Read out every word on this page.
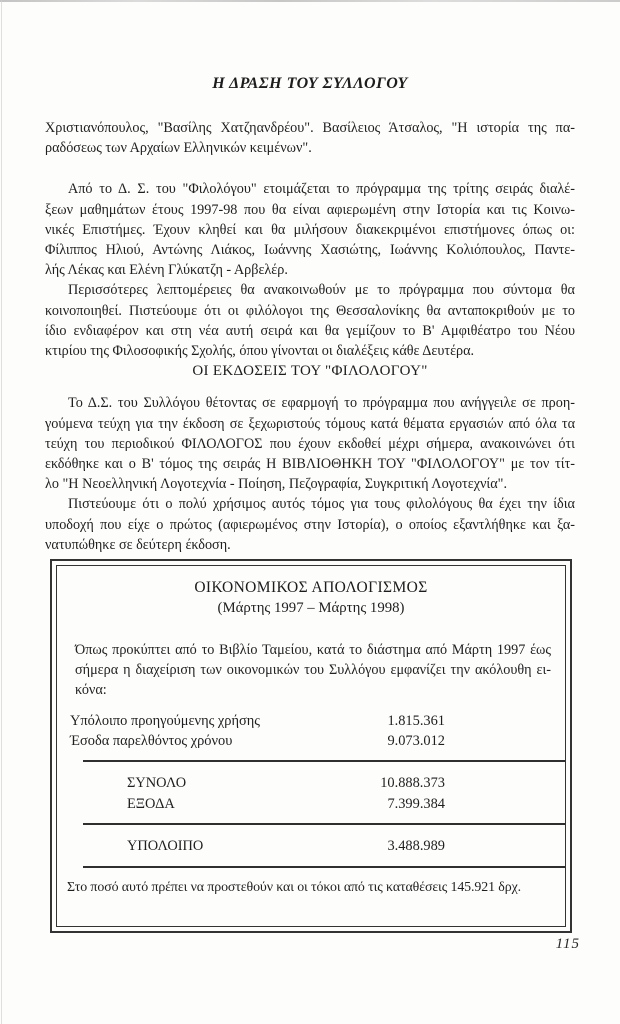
Η ΔΡΑΣΗ ΤΟΥ ΣΥΛΛΟΓΟΥ
Χριστιανόπουλος, "Βασίλης Χατζηανδρέου". Βασίλειος Άτσαλος, "Η ιστορία της πα-
ραδόσεως των Αρχαίων Ελληνικών κειμένων".
Από το Δ. Σ. του "Φιλολόγου" ετοιμάζεται το πρόγραμμα της τρίτης σειράς διαλέ-
ξεων μαθημάτων έτους 1997-98 που θα είναι αφιερωμένη στην Ιστορία και τις Κοινω-
νικές Επιστήμες. Έχουν κληθεί και θα μιλήσουν διακεκριμένοι επιστήμονες όπως οι:
Φίλιππος Ηλιού, Αντώνης Λιάκος, Ιωάννης Χασιώτης, Ιωάννης Κολιόπουλος, Παντε-
λής Λέκας και Ελένη Γλύκατζη - Αρβελέρ.
Περισσότερες λεπτομέρειες θα ανακοινωθούν με το πρόγραμμα που σύντομα θα
κοινοποιηθεί. Πιστεύουμε ότι οι φιλόλογοι της Θεσσαλονίκης θα ανταποκριθούν με το
ίδιο ενδιαφέρον και στη νέα αυτή σειρά και θα γεμίζουν το Β' Αμφιθέατρο του Νέου
κτιρίου της Φιλοσοφικής Σχολής, όπου γίνονται οι διαλέξεις κάθε Δευτέρα.
ΟΙ ΕΚΔΟΣΕΙΣ ΤΟΥ "ΦΙΛΟΛΟΓΟΥ"
Το Δ.Σ. του Συλλόγου θέτοντας σε εφαρμογή το πρόγραμμα που ανήγγειλε σε προη-
γούμενα τεύχη για την έκδοση σε ξεχωριστούς τόμους κατά θέματα εργασιών από όλα τα
τεύχη του περιοδικού ΦΙΛΟΛΟΓΟΣ που έχουν εκδοθεί μέχρι σήμερα, ανακοινώνει ότι
εκδόθηκε και ο Β' τόμος της σειράς Η ΒΙΒΛΙΟΘΗΚΗ ΤΟΥ "ΦΙΛΟΛΟΓΟΥ" με τον τίτ-
λο "Η Νεοελληνική Λογοτεχνία - Ποίηση, Πεζογραφία, Συγκριτική Λογοτεχνία".
Πιστεύουμε ότι ο πολύ χρήσιμος αυτός τόμος για τους φιλολόγους θα έχει την ίδια
υποδοχή που είχε ο πρώτος (αφιερωμένος στην Ιστορία), ο οποίος εξαντλήθηκε και ξα-
νατυπώθηκε σε δεύτερη έκδοση.
ΟΙΚΟΝΟΜΙΚΟΣ ΑΠΟΛΟΓΙΣΜΟΣ
(Μάρτης 1997 – Μάρτης 1998)
Όπως προκύπτει από το Βιβλίο Ταμείου, κατά το διάστημα από Μάρτη 1997 έως
σήμερα η διαχείριση των οικονομικών του Συλλόγου εμφανίζει την ακόλουθη ει-
κόνα:
Υπόλοιπο προηγούμενης χρήσης	1.815.361
Έσοδα παρελθόντος χρόνου	9.073.012
ΣΥΝΟΛΟ	10.888.373
ΕΞΟΔΑ	7.399.384
ΥΠΟΛΟΙΠΟ	3.488.989
Στο ποσό αυτό πρέπει να προστεθούν και οι τόκοι από τις καταθέσεις 145.921 δρχ.
115
